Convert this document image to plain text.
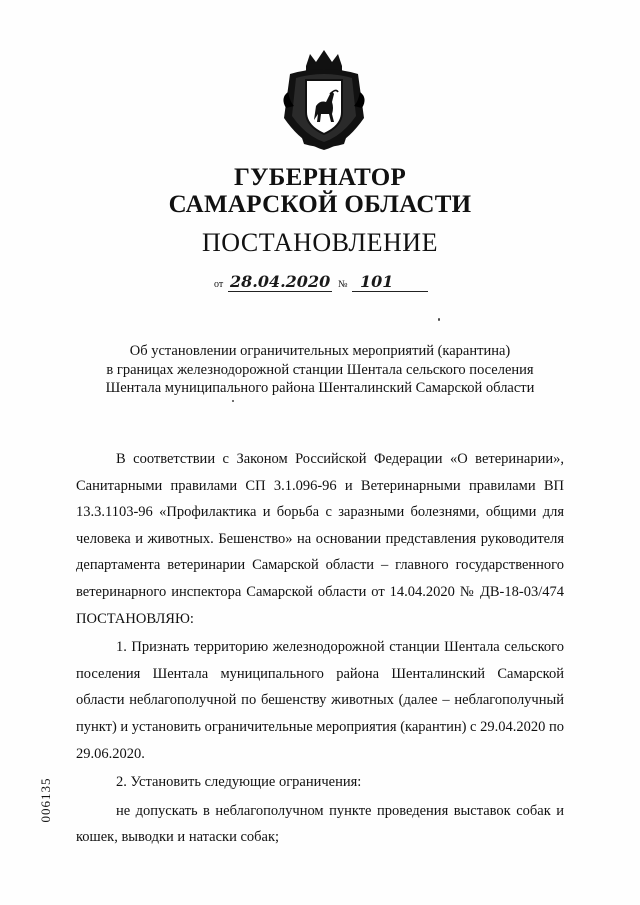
ГУБЕРНАТОР
САМАРСКОЙ ОБЛАСТИ
ПОСТАНОВЛЕНИЕ
от 28.04.2020 № 101
Об установлении ограничительных мероприятий (карантина)
в границах железнодорожной станции Шентала сельского поселения
Шентала муниципального района Шенталинский Самарской области

В соответствии с Законом Российской Федерации «О ветеринарии», Санитарными правилами СП 3.1.096-96 и Ветеринарными правилами ВП 13.3.1103-96 «Профилактика и борьба с заразными болезнями, общими для человека и животных. Бешенство» на основании представления руководителя департамента ветеринарии Самарской области – главного государственного ветеринарного инспектора Самарской области от 14.04.2020 № ДВ-18-03/474 ПОСТАНОВЛЯЮ:

1. Признать территорию железнодорожной станции Шентала сельского поселения Шентала муниципального района Шенталинский Самарской области неблагополучной по бешенству животных (далее – неблагополучный пункт) и установить ограничительные мероприятия (карантин) с 29.04.2020 по 29.06.2020.

2. Установить следующие ограничения:

не допускать в неблагополучном пункте проведения выставок собак и кошек, выводки и натаски собак;

006135
